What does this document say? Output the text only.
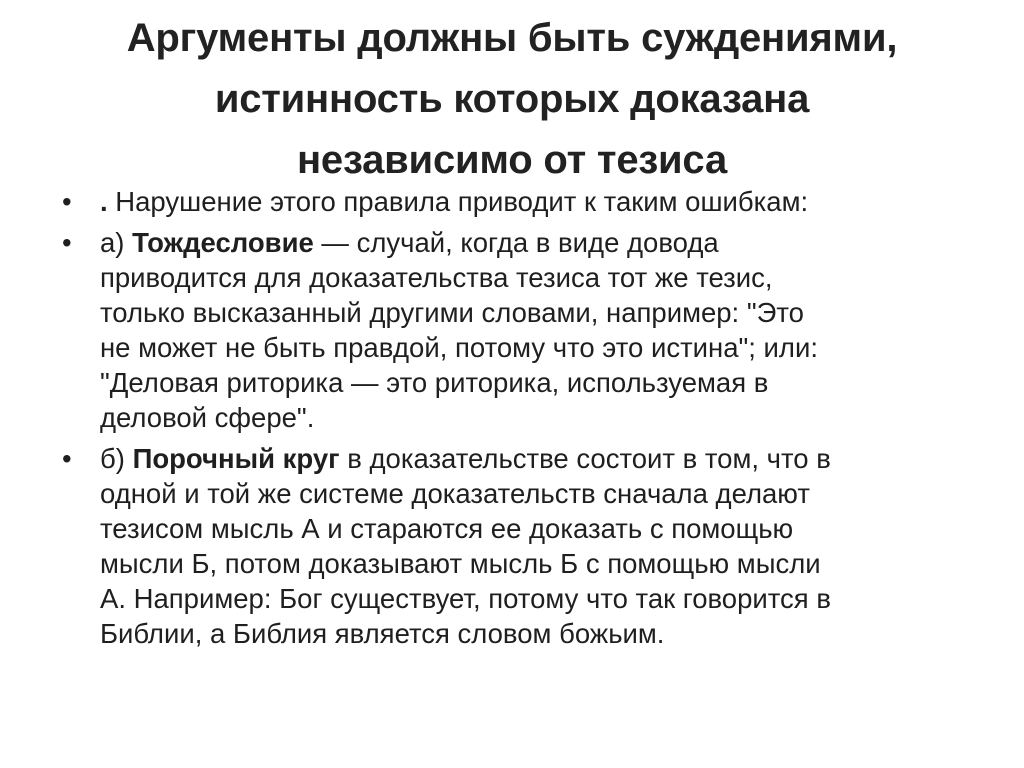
Аргументы должны быть суждениями,
истинность которых доказана
независимо от тезиса
• . Нарушение этого правила приводит к таким ошибкам:
• а) Тождесловие — случай, когда в виде довода
приводится для доказательства тезиса тот же тезис,
только высказанный другими словами, например: "Это
не может не быть правдой, потому что это истина"; или:
"Деловая риторика — это риторика, используемая в
деловой сфере".
• б) Порочный круг в доказательстве состоит в том, что в
одной и той же системе доказательств сначала делают
тезисом мысль А и стараются ее доказать с помощью
мысли Б, потом доказывают мысль Б с помощью мысли
А. Например: Бог существует, потому что так говорится в
Библии, а Библия является словом божьим.
